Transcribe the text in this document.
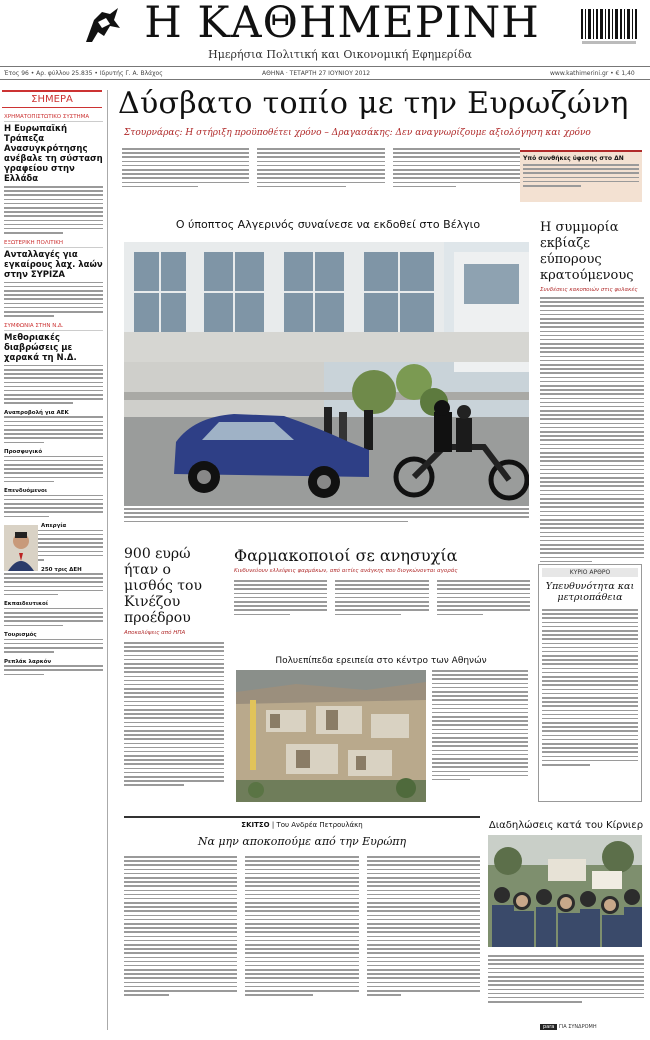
Η ΚΑΘΗΜΕΡΙΝΗ
Ημερήσια Πολιτική και Οικονομική Εφημερίδα
Έτος 96 • Αρ. φύλλου 25.835 • Ιδρυτής Γ. Α. Βλάχος	ΑΘΗΝΑ · ΤΕΤΑΡΤΗ 27 ΙΟΥΝΙΟΥ 2012	www.kathimerini.gr • € 1,40
ΣΗΜΕΡΑ
ΧΡΗΜΑΤΟΠΙΣΤΩΤΙΚΟ ΣΥΣΤΗΜΑ
Η Ευρωπαϊκή Τράπεζα Ανασυγκρότησης ανέβαλε τη σύσταση γραφείου στην Ελλάδα
ΕΞΩΤΕΡΙΚΗ ΠΟΛΙΤΙΚΗ
Ανταλλαγές για εγκαίρους λαχ. λαών στην ΣΥΡΙΖΑ
ΣΥΜΦΩΝΙΑ ΣΤΗΝ Ν.Δ.
Μεθοριακές διαβρώσεις με χαρακά τη Ν.Δ.
Αναπροβολή για ΑΕΚ
Προσφυγικό
Επενδυόμενοι
Απεργία
250 τρις ΔΕΗ
Εκπαιδευτικοί
Τουρισμός
Ρεπλάκ λαρκόν
Δύσβατο τοπίο με την Ευρωζώνη
Στουρνάρας: Η στήριξη προϋποθέτει χρόνο – Δραγασάκης: Δεν αναγνωρίζουμε αξιολόγηση και χρόνο
Υπό συνθήκες ύφεσης στο ΔΝ
Ο ύποπτος Αλγερινός συναίνεσε να εκδοθεί στο Βέλγιο	Η συμμορία εκβίαζε εύπορους κρατούμενους
Συνδέσεις κακοποιών στις φυλακές
900 ευρώ ήταν ο μισθός του Κινέζου προέδρου
Αποκαλύψεις από ΗΠΑ
Φαρμακοποιοί σε ανησυχία
Κινδυνεύουν ελλείψεις φαρμάκων, από αιτίες ανάγκης που διογκώνονται αγοράς
Πολυεπίπεδα ερειπεία στο κέντρο των Αθηνών
ΚΥΡΙΟ ΑΡΘΡΟ
Υπευθυνότητα και μετριοπάθεια
ΣΚΙΤΣΟ | Του Ανδρέα Πετρουλάκη
Να μην αποκοπούμε από την Ευρώπη
Διαδηλώσεις κατά του Κίρνιερ
para ΓΙΑ ΣΥΝΔΡΟΜΗ
